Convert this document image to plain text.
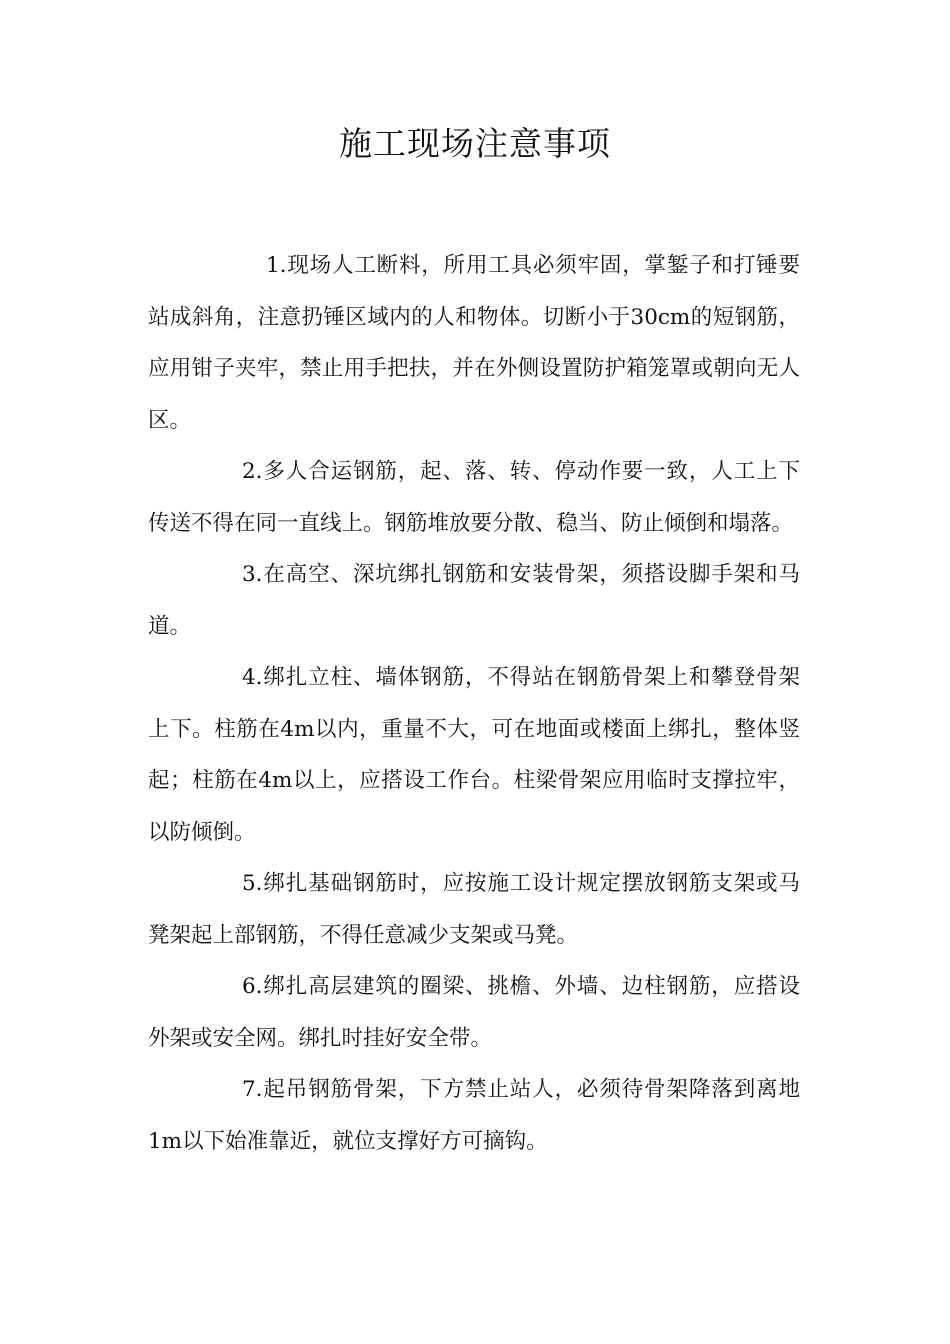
施工现场注意事项

1.现场人工断料，所用工具必须牢固，掌錾子和打锤要站成斜角，注意扔锤区域内的人和物体。切断小于30cm的短钢筋，应用钳子夹牢，禁止用手把扶，并在外侧设置防护箱笼罩或朝向无人区。

2.多人合运钢筋，起、落、转、停动作要一致，人工上下传送不得在同一直线上。钢筋堆放要分散、稳当、防止倾倒和塌落。

3.在高空、深坑绑扎钢筋和安装骨架，须搭设脚手架和马道。

4.绑扎立柱、墙体钢筋，不得站在钢筋骨架上和攀登骨架上下。柱筋在4m以内，重量不大，可在地面或楼面上绑扎，整体竖起；柱筋在4m以上，应搭设工作台。柱梁骨架应用临时支撑拉牢，以防倾倒。

5.绑扎基础钢筋时，应按施工设计规定摆放钢筋支架或马凳架起上部钢筋，不得任意减少支架或马凳。

6.绑扎高层建筑的圈梁、挑檐、外墙、边柱钢筋，应搭设外架或安全网。绑扎时挂好安全带。

7.起吊钢筋骨架，下方禁止站人，必须待骨架降落到离地1m以下始准靠近，就位支撑好方可摘钩。
